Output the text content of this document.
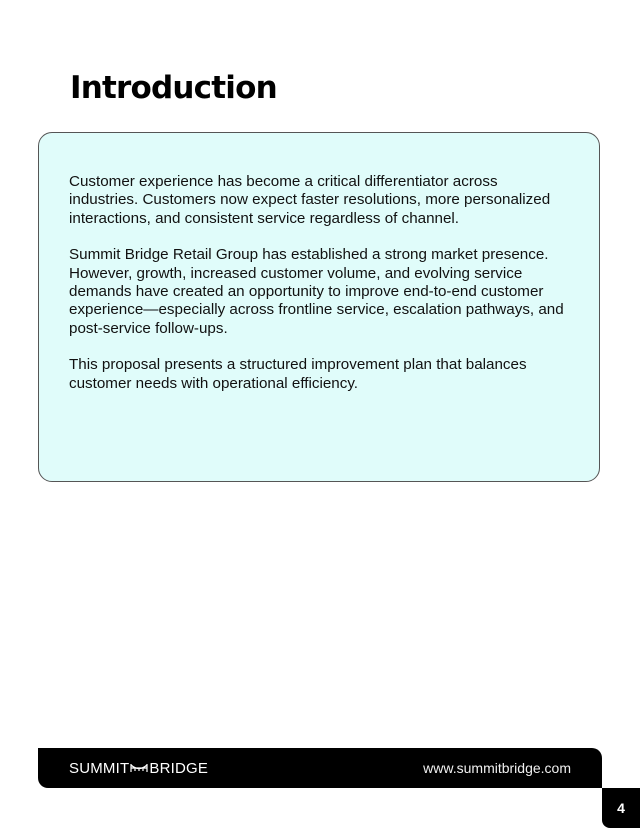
Introduction

Customer experience has become a critical differentiator across industries. Customers now expect faster resolutions, more personalized interactions, and consistent service regardless of channel.

Summit Bridge Retail Group has established a strong market presence. However, growth, increased customer volume, and evolving service demands have created an opportunity to improve end-to-end customer experience—especially across frontline service, escalation pathways, and post-service follow-ups.

This proposal presents a structured improvement plan that balances customer needs with operational efficiency.

SUMMIT BRIDGE	www.summitbridge.com
4
